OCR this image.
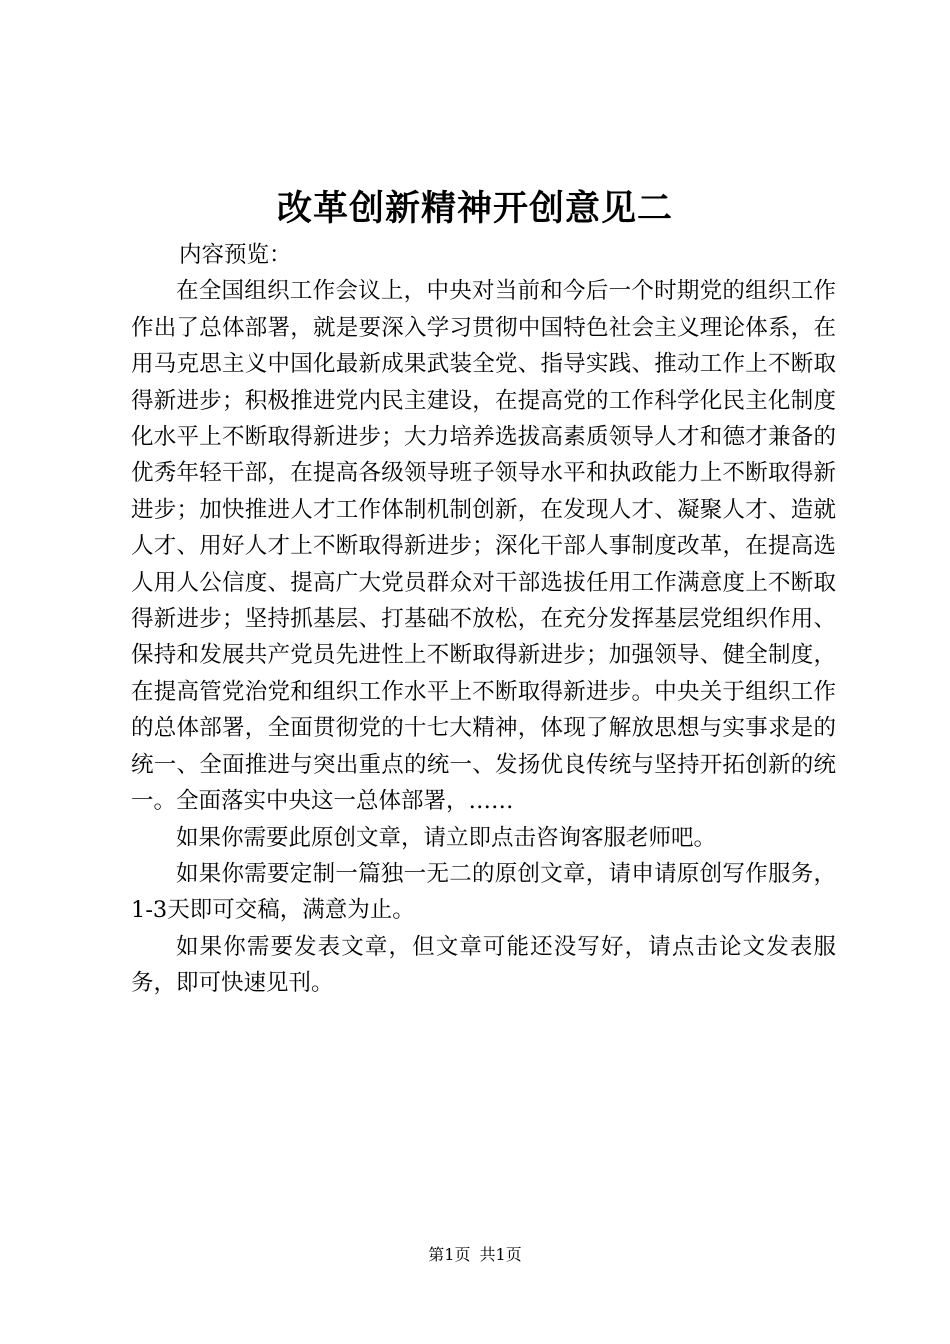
改革创新精神开创意见二

内容预览：

在全国组织工作会议上，中央对当前和今后一个时期党的组织工作作出了总体部署，就是要深入学习贯彻中国特色社会主义理论体系，在用马克思主义中国化最新成果武装全党、指导实践、推动工作上不断取得新进步；积极推进党内民主建设，在提高党的工作科学化民主化制度化水平上不断取得新进步；大力培养选拔高素质领导人才和德才兼备的优秀年轻干部，在提高各级领导班子领导水平和执政能力上不断取得新进步；加快推进人才工作体制机制创新，在发现人才、凝聚人才、造就人才、用好人才上不断取得新进步；深化干部人事制度改革，在提高选人用人公信度、提高广大党员群众对干部选拔任用工作满意度上不断取得新进步；坚持抓基层、打基础不放松，在充分发挥基层党组织作用、保持和发展共产党员先进性上不断取得新进步；加强领导、健全制度，在提高管党治党和组织工作水平上不断取得新进步。中央关于组织工作的总体部署，全面贯彻党的十七大精神，体现了解放思想与实事求是的统一、全面推进与突出重点的统一、发扬优良传统与坚持开拓创新的统一。全面落实中央这一总体部署，……

如果你需要此原创文章，请立即点击咨询客服老师吧。

如果你需要定制一篇独一无二的原创文章，请申请原创写作服务，1-3天即可交稿，满意为止。

如果你需要发表文章，但文章可能还没写好，请点击论文发表服务，即可快速见刊。

第1页 共1页
